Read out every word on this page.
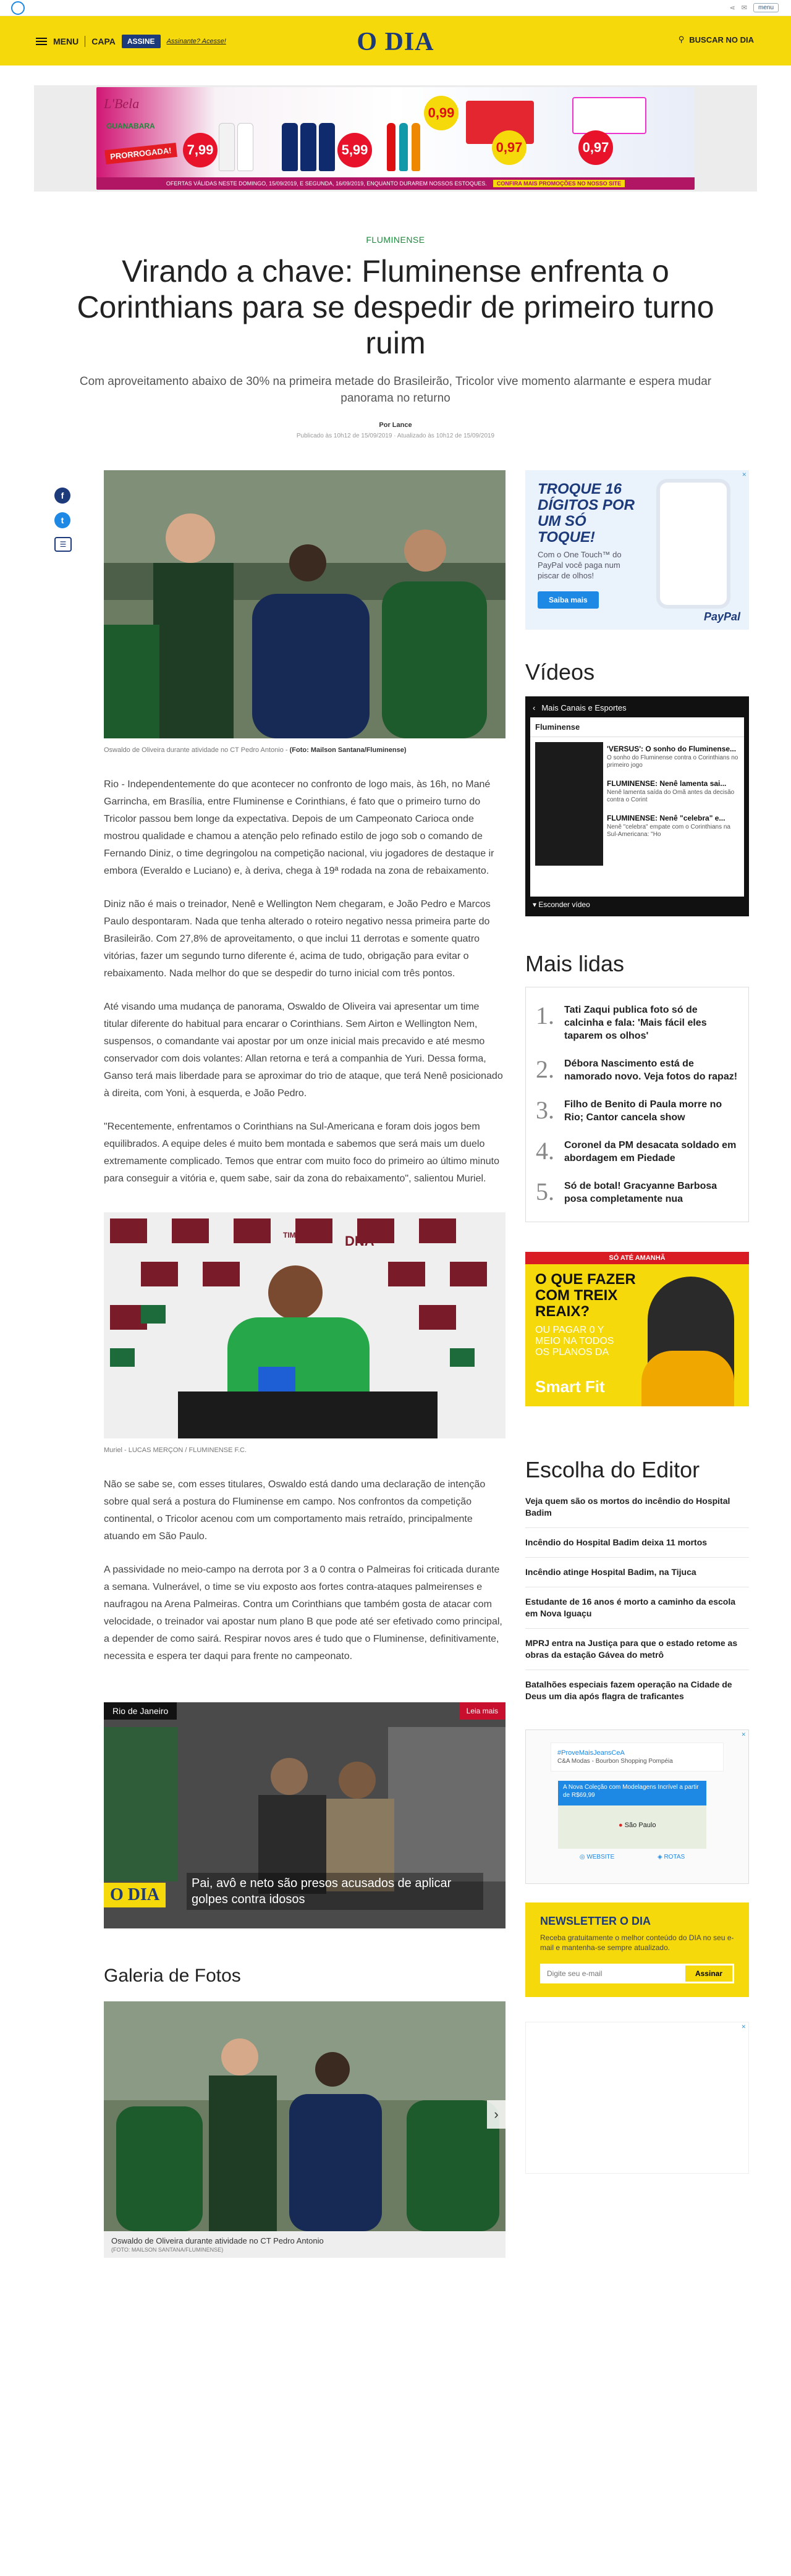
⋖ ✉	menu
MENU CAPA	ASSINE	Assinante? Acesse!	O DIA	⚲ BUSCAR NO DIA
L'Bela
GUANABARA
PRORROGADA!	7,99	5,99
0,99
0,97	0,97
OFERTAS VÁLIDAS NESTE DOMINGO, 15/09/2019, E SEGUNDA, 16/09/2019, ENQUANTO DURAREM NOSSOS ESTOQUES.	CONFIRA MAIS PROMOÇÕES NO NOSSO SITE
FLUMINENSE
Virando a chave: Fluminense enfrenta o Corinthians para se despedir de primeiro turno ruim

Com aproveitamento abaixo de 30% na primeira metade do Brasileirão, Tricolor vive momento alarmante e espera mudar panorama no returno

Por Lance
Publicado às 10h12 de 15/09/2019 · Atualizado às 10h12 de 15/09/2019
f
t
☰
Oswaldo de Oliveira durante atividade no CT Pedro Antonio - (Foto: Mailson Santana/Fluminense)

Rio - Independentemente do que acontecer no confronto de logo mais, às 16h, no Mané Garrincha, em Brasília, entre Fluminense e Corinthians, é fato que o primeiro turno do Tricolor passou bem longe da expectativa. Depois de um Campeonato Carioca onde mostrou qualidade e chamou a atenção pelo refinado estilo de jogo sob o comando de Fernando Diniz, o time degringolou na competição nacional, viu jogadores de destaque ir embora (Everaldo e Luciano) e, à deriva, chega à 19ª rodada na zona de rebaixamento.

Diniz não é mais o treinador, Nenê e Wellington Nem chegaram, e João Pedro e Marcos Paulo despontaram. Nada que tenha alterado o roteiro negativo nessa primeira parte do Brasileirão. Com 27,8% de aproveitamento, o que inclui 11 derrotas e somente quatro vitórias, fazer um segundo turno diferente é, acima de tudo, obrigação para evitar o rebaixamento. Nada melhor do que se despedir do turno inicial com três pontos.

Até visando uma mudança de panorama, Oswaldo de Oliveira vai apresentar um time titular diferente do habitual para encarar o Corinthians. Sem Airton e Wellington Nem, suspensos, o comandante vai apostar por um onze inicial mais precavido e até mesmo conservador com dois volantes: Allan retorna e terá a companhia de Yuri. Dessa forma, Ganso terá mais liberdade para se aproximar do trio de ataque, que terá Nenê posicionado à direita, com Yoni, à esquerda, e João Pedro.

"Recentemente, enfrentamos o Corinthians na Sul-Americana e foram dois jogos bem equilibrados. A equipe deles é muito bem montada e sabemos que será mais um duelo extremamente complicado. Temos que entrar com muito foco do primeiro ao último minuto para conseguir a vitória e, quem sabe, sair da zona do rebaixamento", salientou Muriel.

DNA
TIM LIVE
Muriel - LUCAS MERÇON / FLUMINENSE F.C.

Não se sabe se, com esses titulares, Oswaldo está dando uma declaração de intenção sobre qual será a postura do Fluminense em campo. Nos confrontos da competição continental, o Tricolor acenou com um comportamento mais retraído, principalmente atuando em São Paulo.

A passividade no meio-campo na derrota por 3 a 0 contra o Palmeiras foi criticada durante a semana. Vulnerável, o time se viu exposto aos fortes contra-ataques palmeirenses e naufragou na Arena Palmeiras. Contra um Corinthians que também gosta de atacar com velocidade, o treinador vai apostar num plano B que pode até ser efetivado como principal, a depender de como sairá. Respirar novos ares é tudo que o Fluminense, definitivamente, necessita e espera ter daqui para frente no campeonato.

Rio de Janeiro	Leia mais
O DIA
Pai, avô e neto são presos acusados de aplicar golpes contra idosos
Galeria de Fotos
›
Oswaldo de Oliveira durante atividade no CT Pedro Antonio
(FOTO: MAILSON SANTANA/FLUMINENSE)
✕
TROQUE 16 DÍGITOS POR UM SÓ TOQUE!
Com o One Touch™ do PayPal você paga num piscar de olhos!
Saiba mais
PayPal
Vídeos
‹ Mais Canais e Esportes
Fluminense
'VERSUS': O sonho do Fluminense...
O sonho do Fluminense contra o Corinthians no primeiro jogo
FLUMINENSE: Nenê lamenta sai...
Nenê lamenta saída do Omã antes da decisão contra o Corint
FLUMINENSE: Nenê "celebra" e...
Nenê "celebra" empate com o Corinthians na Sul-Americana: "Ho
▾ Esconder vídeo
Mais lidas
1. Tati Zaqui publica foto só de calcinha e fala: 'Mais fácil eles taparem os olhos'
2. Débora Nascimento está de namorado novo. Veja fotos do rapaz!
3. Filho de Benito di Paula morre no Rio; Cantor cancela show
4. Coronel da PM desacata soldado em abordagem em Piedade
5. Só de botal! Gracyanne Barbosa posa completamente nua
SÓ ATÉ AMANHÃ
O QUE FAZER COM TREIX REAIX?
OU PAGAR 0 Y MEIO NA TODOS OS PLANOS DA
Smart Fit
Escolha do Editor
Veja quem são os mortos do incêndio do Hospital Badim
Incêndio do Hospital Badim deixa 11 mortos
Incêndio atinge Hospital Badim, na Tijuca
Estudante de 16 anos é morto a caminho da escola em Nova Iguaçu
MPRJ entra na Justiça para que o estado retome as obras da estação Gávea do metrô
Batalhões especiais fazem operação na Cidade de Deus um dia após flagra de traficantes
✕
#ProveMaisJeansCeA
C&A Modas - Bourbon Shopping Pompéia
A Nova Coleção com Modelagens Incrível a partir de R$69,99
● São Paulo
◎ WEBSITE	◈ ROTAS
NEWSLETTER O DIA
Receba gratuitamente o melhor conteúdo do DIA no seu e-mail e mantenha-se sempre atualizado.
Digite seu e-mail
Assinar
✕
